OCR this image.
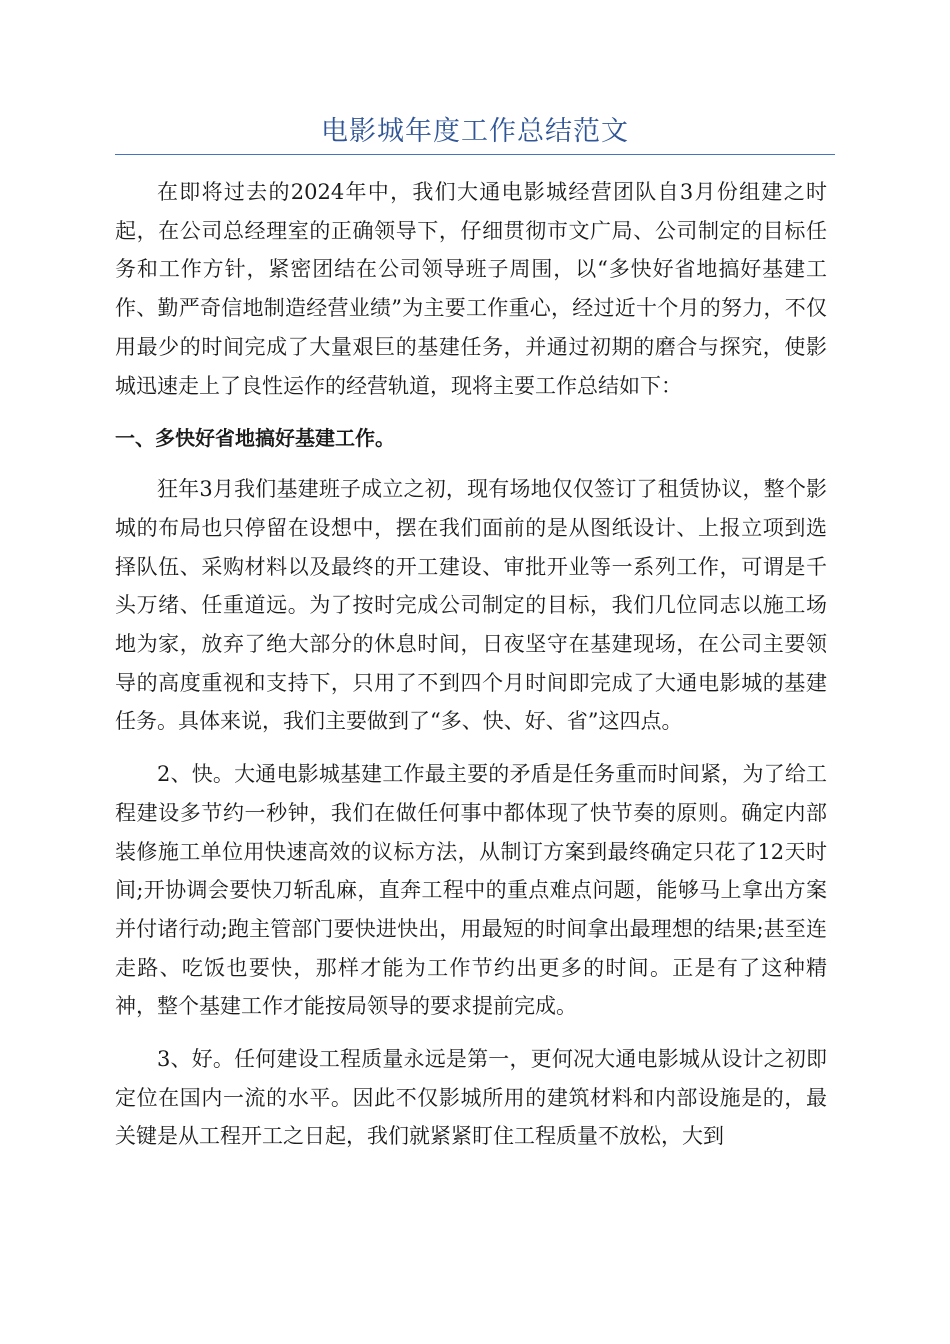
电影城年度工作总结范文

在即将过去的2024年中，我们大通电影城经营团队自3月份组建之时起，在公司总经理室的正确领导下，仔细贯彻市文广局、公司制定的目标任务和工作方针，紧密团结在公司领导班子周围，以“多快好省地搞好基建工作、勤严奇信地制造经营业绩”为主要工作重心，经过近十个月的努力，不仅用最少的时间完成了大量艰巨的基建任务，并通过初期的磨合与探究，使影城迅速走上了良性运作的经营轨道，现将主要工作总结如下：

一、多快好省地搞好基建工作。

狂年3月我们基建班子成立之初，现有场地仅仅签订了租赁协议，整个影城的布局也只停留在设想中，摆在我们面前的是从图纸设计、上报立项到选择队伍、采购材料以及最终的开工建设、审批开业等一系列工作，可谓是千头万绪、任重道远。为了按时完成公司制定的目标，我们几位同志以施工场地为家，放弃了绝大部分的休息时间，日夜坚守在基建现场，在公司主要领导的高度重视和支持下，只用了不到四个月时间即完成了大通电影城的基建任务。具体来说，我们主要做到了“多、快、好、省”这四点。

2、快。大通电影城基建工作最主要的矛盾是任务重而时间紧，为了给工程建设多节约一秒钟，我们在做任何事中都体现了快节奏的原则。确定内部装修施工单位用快速高效的议标方法，从制订方案到最终确定只花了12天时间;开协调会要快刀斩乱麻，直奔工程中的重点难点问题，能够马上拿出方案并付诸行动;跑主管部门要快进快出，用最短的时间拿出最理想的结果;甚至连走路、吃饭也要快，那样才能为工作节约出更多的时间。正是有了这种精神，整个基建工作才能按局领导的要求提前完成。

3、好。任何建设工程质量永远是第一，更何况大通电影城从设计之初即定位在国内一流的水平。因此不仅影城所用的建筑材料和内部设施是的，最关键是从工程开工之日起，我们就紧紧盯住工程质量不放松，大到
